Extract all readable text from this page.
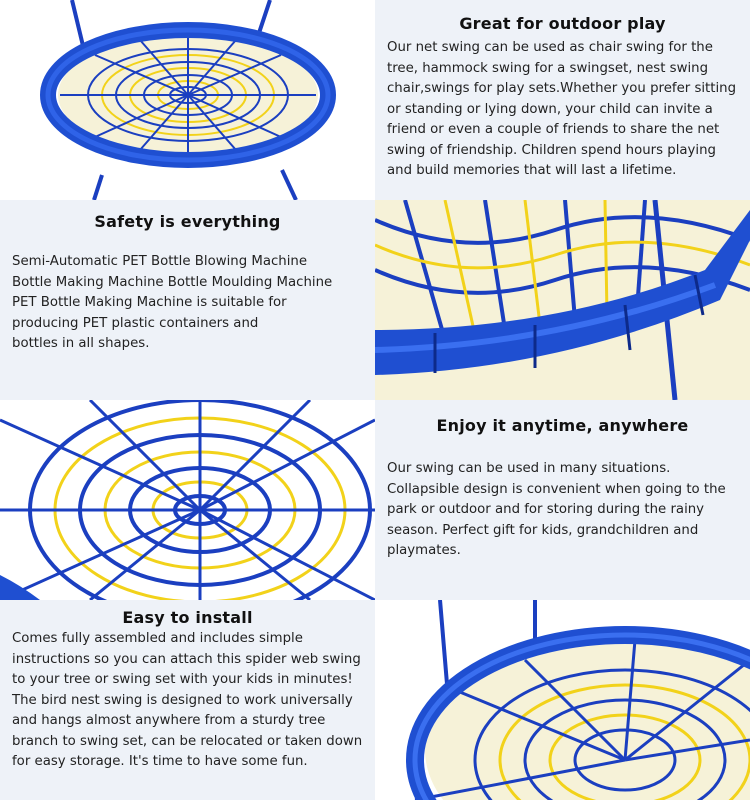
Great for outdoor play
Our net swing can be used as chair swing for the tree, hammock swing for a swingset, nest swing chair,swings for play sets.Whether you prefer sitting or standing or lying down, your child can invite a friend or even a couple of friends to share the net swing of friendship. Children spend hours playing and build memories that will last a lifetime.
Safety is everything
Semi-Automatic PET Bottle Blowing Machine
Bottle Making Machine Bottle Moulding Machine
PET Bottle Making Machine is suitable for
producing PET plastic containers and
bottles in all shapes.
Enjoy it anytime, anywhere
Our swing can be used in many situations. Collapsible design is convenient when going to the park or outdoor and for storing during the rainy season. Perfect gift for kids, grandchildren and playmates.
Easy to install
Comes fully assembled and includes simple instructions so you can attach this spider web swing to your tree or swing set with your kids in minutes! The bird nest swing is designed to work universally and hangs almost anywhere from a sturdy tree branch to swing set, can be relocated or taken down for easy storage. It's time to have some fun.
